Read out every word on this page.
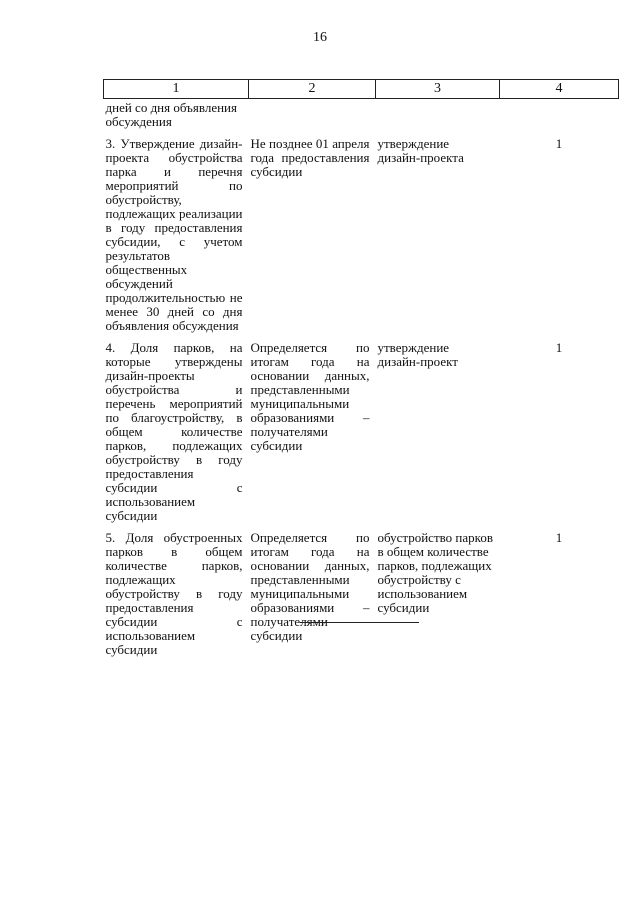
16
1	2	3	4
дней со дня объявления обсуждения			
3. Утверждение дизайн-проекта обустройства парка и перечня мероприятий по обустройству, подлежащих реализации в году предоставления субсидии, с учетом результатов общественных обсуждений продолжительностью не менее 30 дней со дня объявления обсуждения	Не позднее 01 апреля года предоставления субсидии	утверждение дизайн-проекта	1
4. Доля парков, на которые утверждены дизайн-проекты обустройства и перечень мероприятий по благоустройству, в общем количестве парков, подлежащих обустройству в году предоставления субсидии с использованием субсидии	Определяется по итогам года на основании данных, представленными муниципальными образованиями – получателями субсидии	утверждение дизайн-проект	1
5. Доля обустроенных парков в общем количестве парков, подлежащих обустройству в году предоставления субсидии с использованием субсидии	Определяется по итогам года на основании данных, представленными муниципальными образованиями – получателями субсидии	обустройство парков в общем количестве парков, подлежащих обустройству с использованием субсидии	1
